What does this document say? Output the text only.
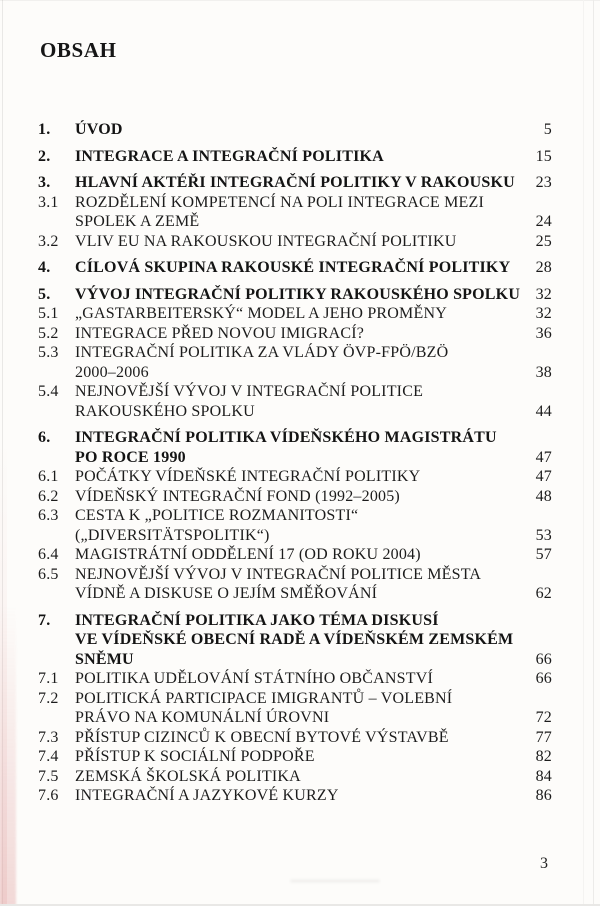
OBSAH
1.	ÚVOD	5
2.	INTEGRACE A INTEGRAČNÍ POLITIKA	15
3.	HLAVNÍ AKTÉŘI INTEGRAČNÍ POLITIKY V RAKOUSKU	23
3.1	ROZDĚLENÍ KOMPETENCÍ NA POLI INTEGRACE MEZI
SPOLEK A ZEMĚ	24
3.2	VLIV EU NA RAKOUSKOU INTEGRAČNÍ POLITIKU	25
4.	CÍLOVÁ SKUPINA RAKOUSKÉ INTEGRAČNÍ POLITIKY	28
5.	VÝVOJ INTEGRAČNÍ POLITIKY RAKOUSKÉHO SPOLKU 32
5.1	„GASTARBEITERSKÝ“ MODEL A JEHO PROMĚNY	32
5.2	INTEGRACE PŘED NOVOU IMIGRACÍ?	36
5.3	INTEGRAČNÍ POLITIKA ZA VLÁDY ÖVP-FPÖ/BZÖ
2000–2006	38
5.4	NEJNOVĚJŠÍ VÝVOJ V INTEGRAČNÍ POLITICE
RAKOUSKÉHO SPOLKU	44
6.	INTEGRAČNÍ POLITIKA VÍDEŇSKÉHO MAGISTRÁTU
PO ROCE 1990	47
6.1	POČÁTKY VÍDEŇSKÉ INTEGRAČNÍ POLITIKY	47
6.2	VÍDEŇSKÝ INTEGRAČNÍ FOND (1992–2005)	48
6.3	CESTA K „POLITICE ROZMANITOSTI“
(„DIVERSITÄTSPOLITIK“)	53
6.4	MAGISTRÁTNÍ ODDĚLENÍ 17 (OD ROKU 2004)	57
6.5	NEJNOVĚJŠÍ VÝVOJ V INTEGRAČNÍ POLITICE MĚSTA
VÍDNĚ A DISKUSE O JEJÍM SMĚŘOVÁNÍ	62
7.	INTEGRAČNÍ POLITIKA JAKO TÉMA DISKUSÍ
VE VÍDEŇSKÉ OBECNÍ RADĚ A VÍDEŇSKÉM ZEMSKÉM
SNĚMU	66
7.1	POLITIKA UDĚLOVÁNÍ STÁTNÍHO OBČANSTVÍ	66
7.2	POLITICKÁ PARTICIPACE IMIGRANTŮ – VOLEBNÍ
PRÁVO NA KOMUNÁLNÍ ÚROVNI	72
7.3	PŘÍSTUP CIZINCŮ K OBECNÍ BYTOVÉ VÝSTAVBĚ	77
7.4	PŘÍSTUP K SOCIÁLNÍ PODPOŘE	82
7.5	ZEMSKÁ ŠKOLSKÁ POLITIKA	84
7.6	INTEGRAČNÍ A JAZYKOVÉ KURZY	86
3
